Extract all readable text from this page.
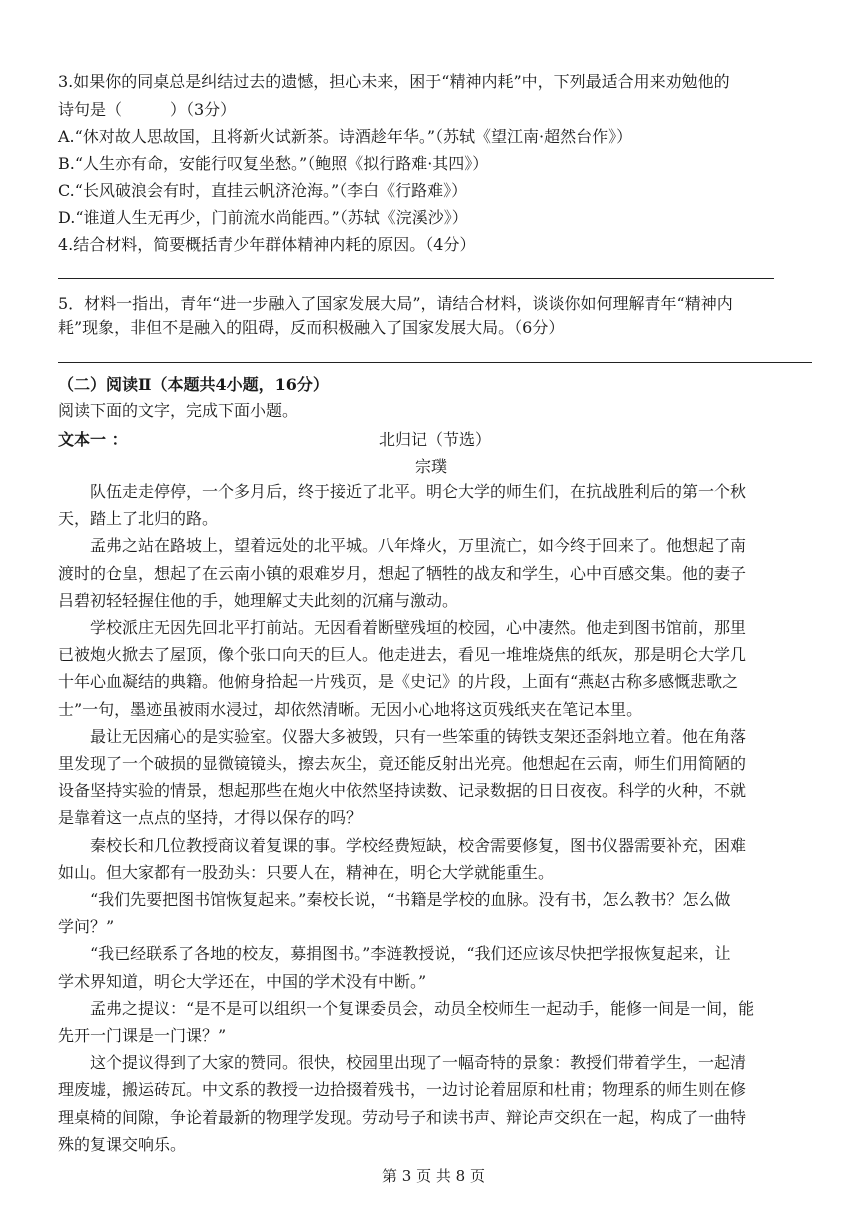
3.如果你的同桌总是纠结过去的遗憾，担心未来，困于“精神内耗”中，下列最适合用来劝勉他的
诗句是（　　　）（3分）
A.“休对故人思故国，且将新火试新茶。诗酒趁年华。”（苏轼《望江南·超然台作》）
B.“人生亦有命，安能行叹复坐愁。”（鲍照《拟行路难·其四》）
C.“长风破浪会有时，直挂云帆济沧海。”（李白《行路难》）
D.“谁道人生无再少，门前流水尚能西。”（苏轼《浣溪沙》）
4.结合材料，简要概括青少年群体精神内耗的原因。（4分）
5．材料一指出，青年“进一步融入了国家发展大局”，请结合材料，谈谈你如何理解青年“精神内
耗”现象，非但不是融入的阻碍，反而积极融入了国家发展大局。（6分）
（二）阅读Ⅱ（本题共4小题，16分）
阅读下面的文字，完成下面小题。
文本一 ：	北归记（节选）
宗璞
队伍走走停停，一个多月后，终于接近了北平。明仑大学的师生们，在抗战胜利后的第一个秋
天，踏上了北归的路。
孟弗之站在路坡上，望着远处的北平城。八年烽火，万里流亡，如今终于回来了。他想起了南
渡时的仓皇，想起了在云南小镇的艰难岁月，想起了牺牲的战友和学生，心中百感交集。他的妻子
吕碧初轻轻握住他的手，她理解丈夫此刻的沉痛与激动。
学校派庄无因先回北平打前站。无因看着断壁残垣的校园，心中凄然。他走到图书馆前，那里
已被炮火掀去了屋顶，像个张口向天的巨人。他走进去，看见一堆堆烧焦的纸灰，那是明仑大学几
十年心血凝结的典籍。他俯身拾起一片残页，是《史记》的片段，上面有“燕赵古称多感慨悲歌之
士”一句，墨迹虽被雨水浸过，却依然清晰。无因小心地将这页残纸夹在笔记本里。
最让无因痛心的是实验室。仪器大多被毁，只有一些笨重的铸铁支架还歪斜地立着。他在角落
里发现了一个破损的显微镜镜头，擦去灰尘，竟还能反射出光亮。他想起在云南，师生们用简陋的
设备坚持实验的情景，想起那些在炮火中依然坚持读数、记录数据的日日夜夜。科学的火种，不就
是靠着这一点点的坚持，才得以保存的吗？
秦校长和几位教授商议着复课的事。学校经费短缺，校舍需要修复，图书仪器需要补充，困难
如山。但大家都有一股劲头：只要人在，精神在，明仑大学就能重生。
“我们先要把图书馆恢复起来。”秦校长说，“书籍是学校的血脉。没有书，怎么教书？怎么做
学问？”
“我已经联系了各地的校友，募捐图书。”李涟教授说，“我们还应该尽快把学报恢复起来，让
学术界知道，明仑大学还在，中国的学术没有中断。”
孟弗之提议：“是不是可以组织一个复课委员会，动员全校师生一起动手，能修一间是一间，能
先开一门课是一门课？”
这个提议得到了大家的赞同。很快，校园里出现了一幅奇特的景象：教授们带着学生，一起清
理废墟，搬运砖瓦。中文系的教授一边拾掇着残书，一边讨论着屈原和杜甫；物理系的师生则在修
理桌椅的间隙，争论着最新的物理学发现。劳动号子和读书声、辩论声交织在一起，构成了一曲特
殊的复课交响乐。
第 3 页 共 8 页
